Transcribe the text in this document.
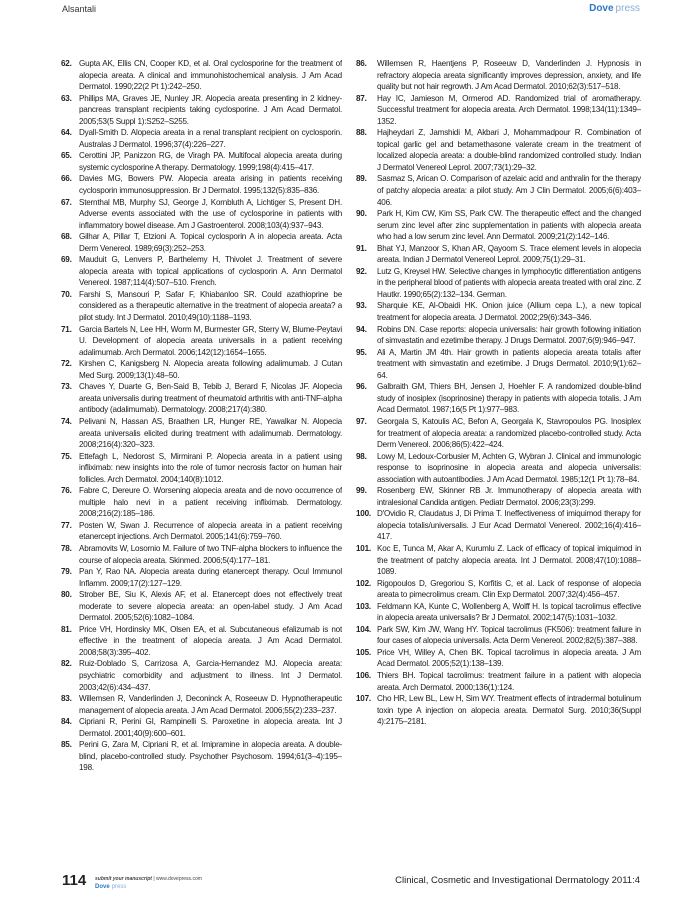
Alsantali	Dove press
62. Gupta AK, Ellis CN, Cooper KD, et al. Oral cyclosporine for the treatment of alopecia areata. A clinical and immunohistochemical analysis. J Am Acad Dermatol. 1990;22(2 Pt 1):242–250.
63. Phillips MA, Graves JE, Nunley JR. Alopecia areata presenting in 2 kidney-pancreas transplant recipients taking cyclosporine. J Am Acad Dermatol. 2005;53(5 Suppl 1):S252–S255.
64. Dyall-Smith D. Alopecia areata in a renal transplant recipient on cyclosporin. Australas J Dermatol. 1996;37(4):226–227.
65. Cerottini JP, Panizzon RG, de Viragh PA. Multifocal alopecia areata during systemic cyclosporine A therapy. Dermatology. 1999;198(4):415–417.
66. Davies MG, Bowers PW. Alopecia areata arising in patients receiving cyclosporin immunosuppression. Br J Dermatol. 1995;132(5):835–836.
67. Sternthal MB, Murphy SJ, George J, Kornbluth A, Lichtiger S, Present DH. Adverse events associated with the use of cyclosporine in patients with inflammatory bowel disease. Am J Gastroenterol. 2008;103(4):937–943.
68. Gilhar A, Pillar T, Etzioni A. Topical cyclosporin A in alopecia areata. Acta Derm Venereol. 1989;69(3):252–253.
69. Mauduit G, Lenvers P, Barthelemy H, Thivolet J. Treatment of severe alopecia areata with topical applications of cyclosporin A. Ann Dermatol Venereol. 1987;114(4):507–510. French.
70. Farshi S, Mansouri P, Safar F, Khiabanloo SR. Could azathioprine be considered as a therapeutic alternative in the treatment of alopecia areata? a pilot study. Int J Dermatol. 2010;49(10):1188–1193.
71. Garcia Bartels N, Lee HH, Worm M, Burmester GR, Sterry W, Blume-Peytavi U. Development of alopecia areata universalis in a patient receiving adalimumab. Arch Dermatol. 2006;142(12):1654–1655.
72. Kirshen C, Kanigsberg N. Alopecia areata following adalimumab. J Cutan Med Surg. 2009;13(1):48–50.
73. Chaves Y, Duarte G, Ben-Said B, Tebib J, Berard F, Nicolas JF. Alopecia areata universalis during treatment of rheumatoid arthritis with anti-TNF-alpha antibody (adalimumab). Dermatology. 2008;217(4):380.
74. Pelivani N, Hassan AS, Braathen LR, Hunger RE, Yawalkar N. Alopecia areata universalis elicited during treatment with adalimumab. Dermatology. 2008;216(4):320–323.
75. Ettefagh L, Nedorost S, Mirmirani P. Alopecia areata in a patient using infliximab: new insights into the role of tumor necrosis factor on human hair follicles. Arch Dermatol. 2004;140(8):1012.
76. Fabre C, Dereure O. Worsening alopecia areata and de novo occurrence of multiple halo nevi in a patient receiving infliximab. Dermatology. 2008;216(2):185–186.
77. Posten W, Swan J. Recurrence of alopecia areata in a patient receiving etanercept injections. Arch Dermatol. 2005;141(6):759–760.
78. Abramovits W, Losornio M. Failure of two TNF-alpha blockers to influence the course of alopecia areata. Skinmed. 2006;5(4):177–181.
79. Pan Y, Rao NA. Alopecia areata during etanercept therapy. Ocul Immunol Inflamm. 2009;17(2):127–129.
80. Strober BE, Siu K, Alexis AF, et al. Etanercept does not effectively treat moderate to severe alopecia areata: an open-label study. J Am Acad Dermatol. 2005;52(6):1082–1084.
81. Price VH, Hordinsky MK, Olsen EA, et al. Subcutaneous efalizumab is not effective in the treatment of alopecia areata. J Am Acad Dermatol. 2008;58(3):395–402.
82. Ruiz-Doblado S, Carrizosa A, Garcia-Hernandez MJ. Alopecia areata: psychiatric comorbidity and adjustment to illness. Int J Dermatol. 2003;42(6):434–437.
83. Willemsen R, Vanderlinden J, Deconinck A, Roseeuw D. Hypnotherapeutic management of alopecia areata. J Am Acad Dermatol. 2006;55(2):233–237.
84. Cipriani R, Perini GI, Rampinelli S. Paroxetine in alopecia areata. Int J Dermatol. 2001;40(9):600–601.
85. Perini G, Zara M, Cipriani R, et al. Imipramine in alopecia areata. A double-blind, placebo-controlled study. Psychother Psychosom. 1994;61(3–4):195–198.
86.	Willemsen R, Haentjens P, Roseeuw D, Vanderlinden J. Hypnosis in refractory alopecia areata significantly improves depression, anxiety, and life quality but not hair regrowth. J Am Acad Dermatol. 2010;62(3):517–518.
87.	Hay IC, Jamieson M, Ormerod AD. Randomized trial of aromatherapy. Successful treatment for alopecia areata. Arch Dermatol. 1998;134(11):1349–1352.
88.	Hajheydari Z, Jamshidi M, Akbari J, Mohammadpour R. Combination of topical garlic gel and betamethasone valerate cream in the treatment of localized alopecia areata: a double-blind randomized controlled study. Indian J Dermatol Venereol Leprol. 2007;73(1):29–32.
89.	Sasmaz S, Arican O. Comparison of azelaic acid and anthralin for the therapy of patchy alopecia areata: a pilot study. Am J Clin Dermatol. 2005;6(6):403–406.
90.	Park H, Kim CW, Kim SS, Park CW. The therapeutic effect and the changed serum zinc level after zinc supplementation in patients with alopecia areata who had a low serum zinc level. Ann Dermatol. 2009;21(2):142–146.
91.	Bhat YJ, Manzoor S, Khan AR, Qayoom S. Trace element levels in alopecia areata. Indian J Dermatol Venereol Leprol. 2009;75(1):29–31.
92.	Lutz G, Kreysel HW. Selective changes in lymphocytic differentiation antigens in the peripheral blood of patients with alopecia areata treated with oral zinc. Z Hautkr. 1990;65(2):132–134. German.
93.	Sharquie KE, Al-Obaidi HK. Onion juice (Allium cepa L.), a new topical treatment for alopecia areata. J Dermatol. 2002;29(6):343–346.
94.	Robins DN. Case reports: alopecia universalis: hair growth following initiation of simvastatin and ezetimibe therapy. J Drugs Dermatol. 2007;6(9):946–947.
95.	Ali A, Martin JM 4th. Hair growth in patients alopecia areata totalis after treatment with simvastatin and ezetimibe. J Drugs Dermatol. 2010;9(1):62–64.
96.	Galbraith GM, Thiers BH, Jensen J, Hoehler F. A randomized double-blind study of inosiplex (isoprinosine) therapy in patients with alopecia totalis. J Am Acad Dermatol. 1987;16(5 Pt 1):977–983.
97.	Georgala S, Katoulis AC, Befon A, Georgala K, Stavropoulos PG. Inosiplex for treatment of alopecia areata: a randomized placebo-controlled study. Acta Derm Venereol. 2006;86(5):422–424.
98.	Lowy M, Ledoux-Corbusier M, Achten G, Wybran J. Clinical and immunologic response to isoprinosine in alopecia areata and alopecia universalis: association with autoantibodies. J Am Acad Dermatol. 1985;12(1 Pt 1):78–84.
99.	Rosenberg EW, Skinner RB Jr. Immunotherapy of alopecia areata with intralesional Candida antigen. Pediatr Dermatol. 2006;23(3):299.
100. D'Ovidio R, Claudatus J, Di Prima T. Ineffectiveness of imiquimod therapy for alopecia totalis/universalis. J Eur Acad Dermatol Venereol. 2002;16(4):416–417.
101. Koc E, Tunca M, Akar A, Kurumlu Z. Lack of efficacy of topical imiquimod in the treatment of patchy alopecia areata. Int J Dermatol. 2008;47(10):1088–1089.
102. Rigopoulos D, Gregoriou S, Korfitis C, et al. Lack of response of alopecia areata to pimecrolimus cream. Clin Exp Dermatol. 2007;32(4):456–457.
103. Feldmann KA, Kunte C, Wollenberg A, Wolff H. Is topical tacrolimus effective in alopecia areata universalis? Br J Dermatol. 2002;147(5):1031–1032.
104. Park SW, Kim JW, Wang HY. Topical tacrolimus (FK506): treatment failure in four cases of alopecia universalis. Acta Derm Venereol. 2002;82(5):387–388.
105. Price VH, Willey A, Chen BK. Topical tacrolimus in alopecia areata. J Am Acad Dermatol. 2005;52(1):138–139.
106. Thiers BH. Topical tacrolimus: treatment failure in a patient with alopecia areata. Arch Dermatol. 2000;136(1):124.
107. Cho HR, Lew BL, Lew H, Sim WY. Treatment effects of intradermal botulinum toxin type A injection on alopecia areata. Dermatol Surg. 2010;36(Suppl 4):2175–2181.
114 submit your manuscript | www.dovepress.com
Dove press
Clinical, Cosmetic and Investigational Dermatology 2011:4
